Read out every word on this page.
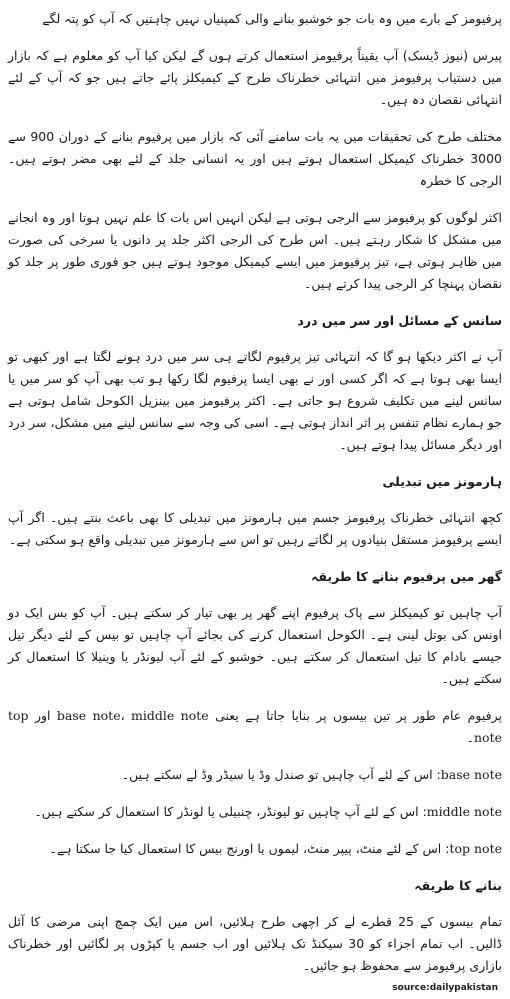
پرفیومز کے بارے میں وہ بات جو خوشبو بنانے والی کمپنیاں نہیں چاہتیں کہ آپ کو پتہ لگے

پیرس (نیوز ڈیسک) آپ یقیناً پرفیومز استعمال کرتے ہوں گے لیکن کیا آپ کو معلوم ہے کہ بازار میں دستیاب پرفیومز میں انتہائی خطرناک طرح کے کیمیکلز پائے جاتے ہیں جو کہ آپ کے لئے انتہائی نقصان دہ ہیں۔

مختلف طرح کی تحقیقات میں یہ بات سامنے آئی کہ بازار میں پرفیوم بنانے کے دوران 900 سے 3000 خطرناک کیمیکل استعمال ہوتے ہیں اور یہ انسانی جلد کے لئے بھی مضر ہوتے ہیں۔ الرجی کا خطرہ

اکثر لوگوں کو پرفیومز سے الرجی ہوتی ہے لیکن انہیں اس بات کا علم نہیں ہوتا اور وہ انجانے میں مشکل کا شکار رہتے ہیں۔ اس طرح کی الرجی اکثر جلد پر دانوں یا سرخی کی صورت میں ظاہر ہوتی ہے، تیز پرفیومز میں ایسے کیمیکل موجود ہوتے ہیں جو فوری طور پر جلد کو نقصان پہنچا کر الرجی پیدا کرتے ہیں۔

سانس کے مسائل اور سر میں درد

آپ نے اکثر دیکھا ہو گا کہ انتہائی تیز پرفیوم لگاتے ہی سر میں درد ہونے لگتا ہے اور کبھی تو ایسا بھی ہوتا ہے کہ اگر کسی اور نے بھی ایسا پرفیوم لگا رکھا ہو تب بھی آپ کو سر میں یا سانس لینے میں تکلیف شروع ہو جاتی ہے۔ اکثر پرفیومز میں بینزیل الکوحل شامل ہوتی ہے جو ہمارے نظام تنفس پر اثر انداز ہوتی ہے۔ اسی کی وجہ سے سانس لینے میں مشکل، سر درد اور دیگر مسائل پیدا ہوتے ہیں۔

ہارمونز میں تبدیلی

کچھ انتہائی خطرناک پرفیومز جسم میں ہارمونز میں تبدیلی کا بھی باعث بنتے ہیں۔ اگر آپ ایسے پرفیومز مستقل بنیادوں پر لگاتے رہیں تو اس سے ہارمونز میں تبدیلی واقع ہو سکتی ہے۔

گھر میں پرفیوم بنانے کا طریقہ

آپ چاہیں تو کیمیکلز سے پاک پرفیوم اپنے گھر پر بھی تیار کر سکتے ہیں۔ آپ کو بس ایک دو اونس کی بوتل لینی ہے۔ الکوحل استعمال کرنے کی بجائے آپ چاہیں تو بیس کے لئے دیگر تیل جیسے بادام کا تیل استعمال کر سکتے ہیں۔ خوشبو کے لئے آپ لیونڈر یا وینیلا کا استعمال کر سکتے ہیں۔

پرفیوم عام طور پر تین بیسوں پر بنایا جاتا ہے یعنی base note، middle note اور top note۔

base note: اس کے لئے آپ چاہیں تو صندل وڈ یا سیڈر وڈ لے سکتے ہیں۔

middle note: اس کے لئے آپ چاہیں تو لیونڈر، چنبیلی یا لونڈر کا استعمال کر سکتے ہیں۔

top note: اس کے لئے منٹ، پیپر منٹ، لیموں یا اورنج بیس کا استعمال کیا جا سکتا ہے۔

بنانے کا طریقہ

تمام بیسوں کے 25 قطرے لے کر اچھی طرح ہلائیں، اس میں ایک چمچ اپنی مرضی کا آئل ڈالیں۔ اب تمام اجزاء کو 30 سیکنڈ تک ہلائیں اور اب جسم یا کپڑوں پر لگائیں اور خطرناک بازاری پرفیومز سے محفوظ ہو جائیں۔

source:dailypakistan
